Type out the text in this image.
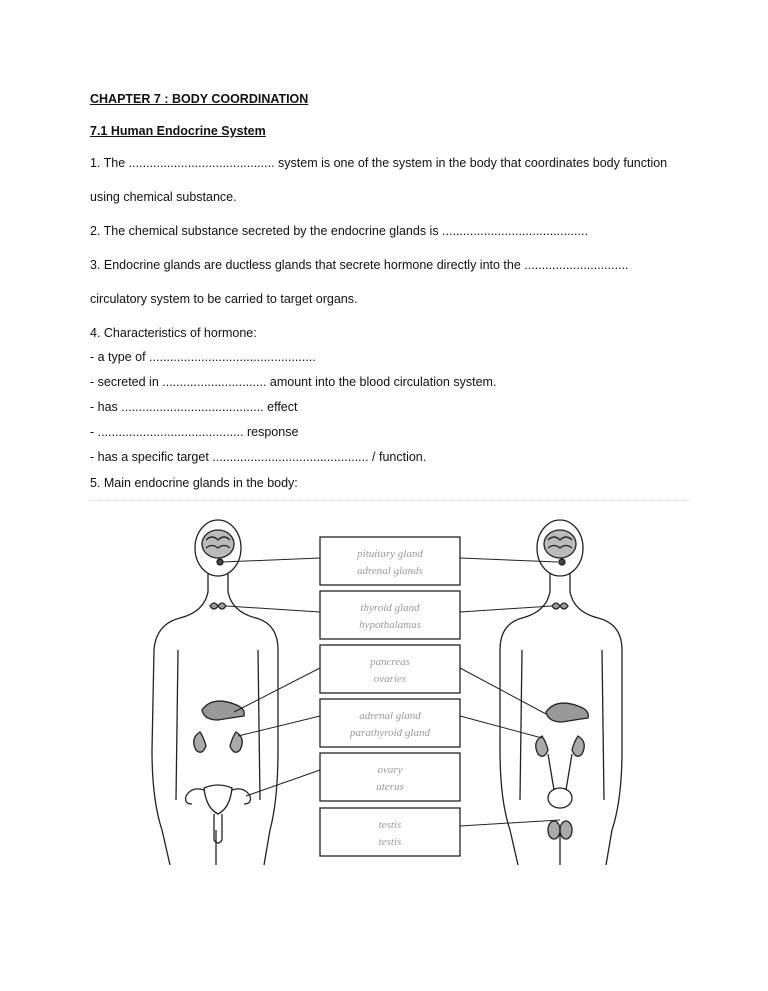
CHAPTER 7 : BODY COORDINATION
7.1 Human Endocrine System
1. The .......................................... system is one of the system in the body that coordinates body function
using chemical substance.
2. The chemical substance secreted by the endocrine glands is ..........................................
3. Endocrine glands are ductless glands that secrete hormone directly into the ..............................
circulatory system to be carried to target organs.
4. Characteristics of hormone:
- a type of ................................................
- secreted in .............................. amount into the blood circulation system.
- has ......................................... effect
- .......................................... response
- has a specific target ............................................. / function.
5. Main endocrine glands in the body:
pituitary gland
adrenal glands
thyroid gland
hypothalamus
pancreas
ovaries
adrenal gland
parathyroid gland
ovary
uterus
testis
testis
